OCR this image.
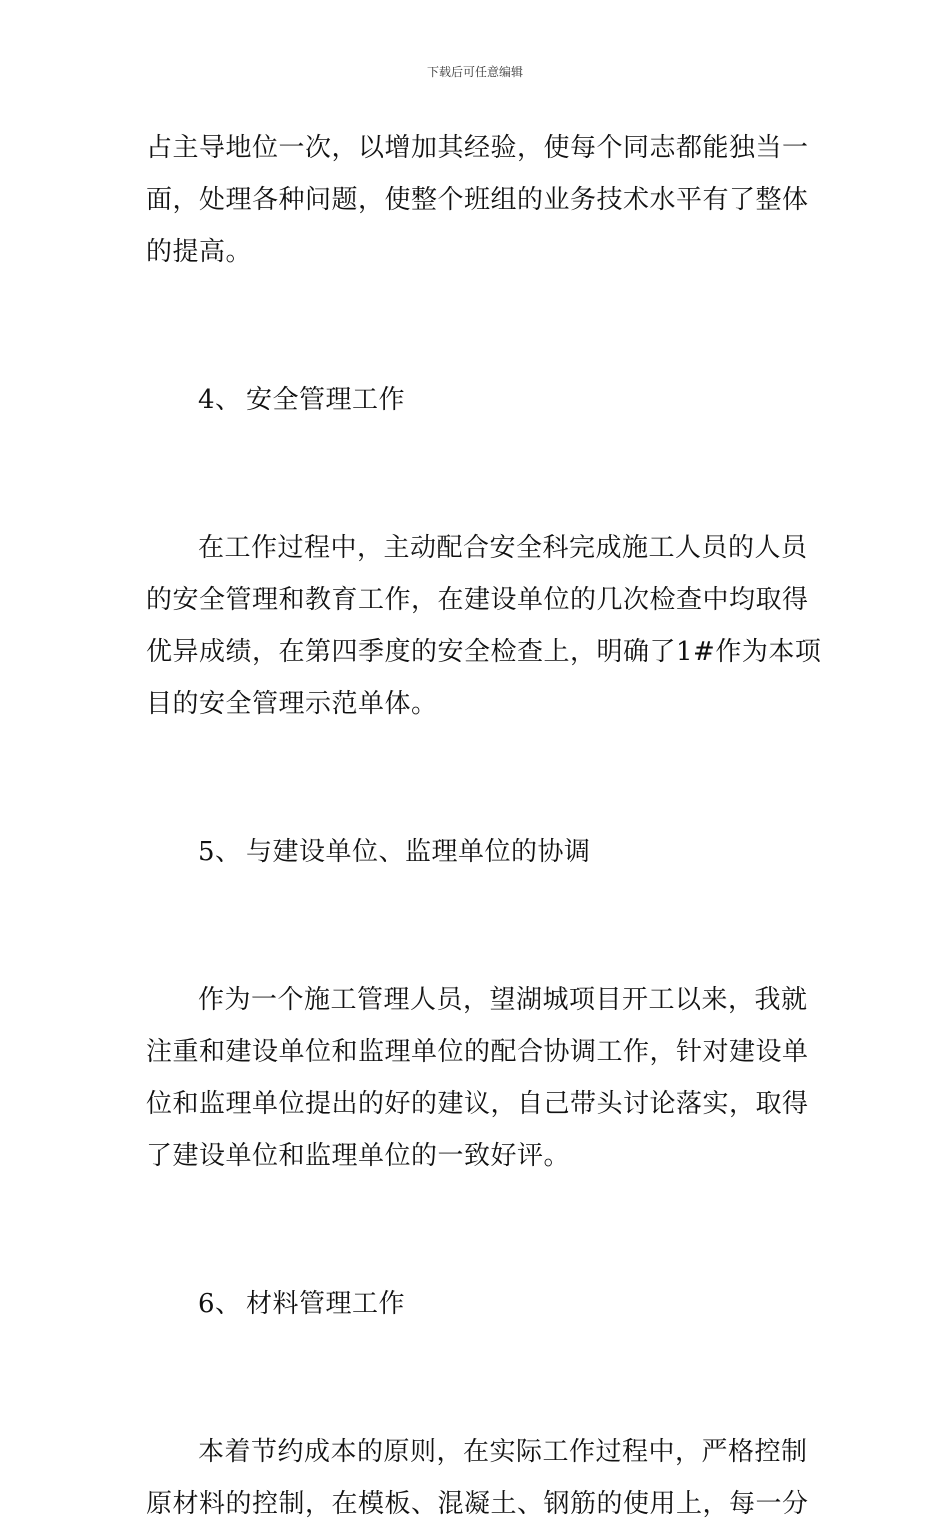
下载后可任意编辑
占主导地位一次，以增加其经验，使每个同志都能独当一
面，处理各种问题，使整个班组的业务技术水平有了整体
的提高。
4、 安全管理工作
在工作过程中，主动配合安全科完成施工人员的人员
的安全管理和教育工作，在建设单位的几次检查中均取得
优异成绩，在第四季度的安全检查上，明确了1#作为本项
目的安全管理示范单体。
5、 与建设单位、监理单位的协调
作为一个施工管理人员，望湖城项目开工以来，我就
注重和建设单位和监理单位的配合协调工作，针对建设单
位和监理单位提出的好的建议，自己带头讨论落实，取得
了建设单位和监理单位的一致好评。
6、 材料管理工作
本着节约成本的原则，在实际工作过程中，严格控制
原材料的控制，在模板、混凝土、钢筋的使用上，每一分
